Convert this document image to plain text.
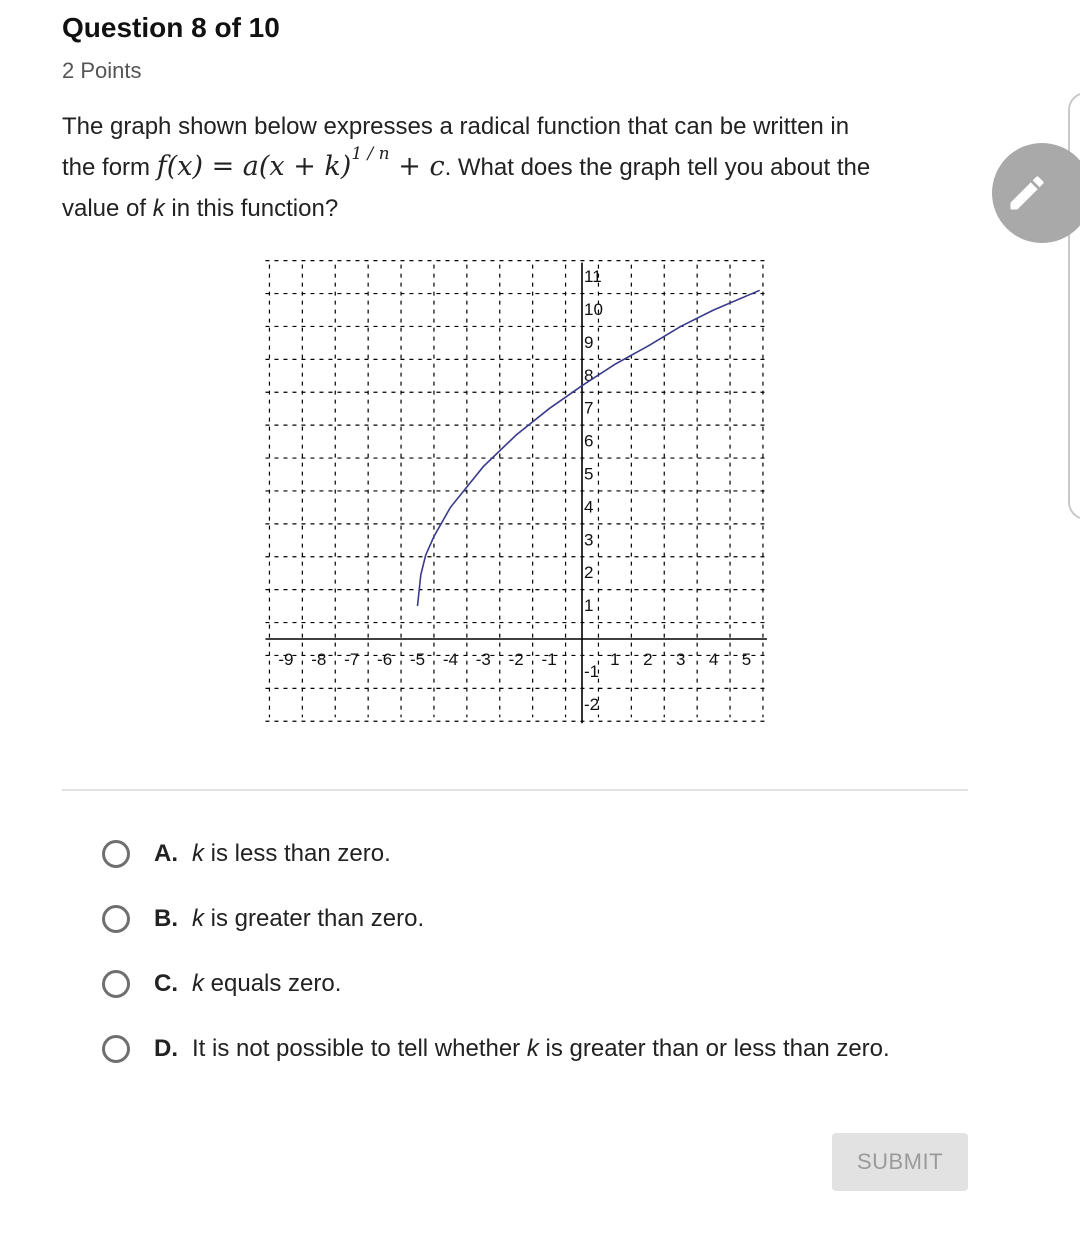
Question 8 of 10
2 Points
The graph shown below expresses a radical function that can be written in
the form $f(x) = a(x + k)^{1 / n} + c$. What does the graph tell you about the
value of k in this function?
-9 -8 -7 -6 -5 -4 -3 -2 -1	1 2 3 4 5
11
10
9
8
7
6
5
4
3
2
1
-1
-2
A. k is less than zero.
B. k is greater than zero.
C. k equals zero.
D. It is not possible to tell whether k is greater than or less than zero.
SUBMIT
